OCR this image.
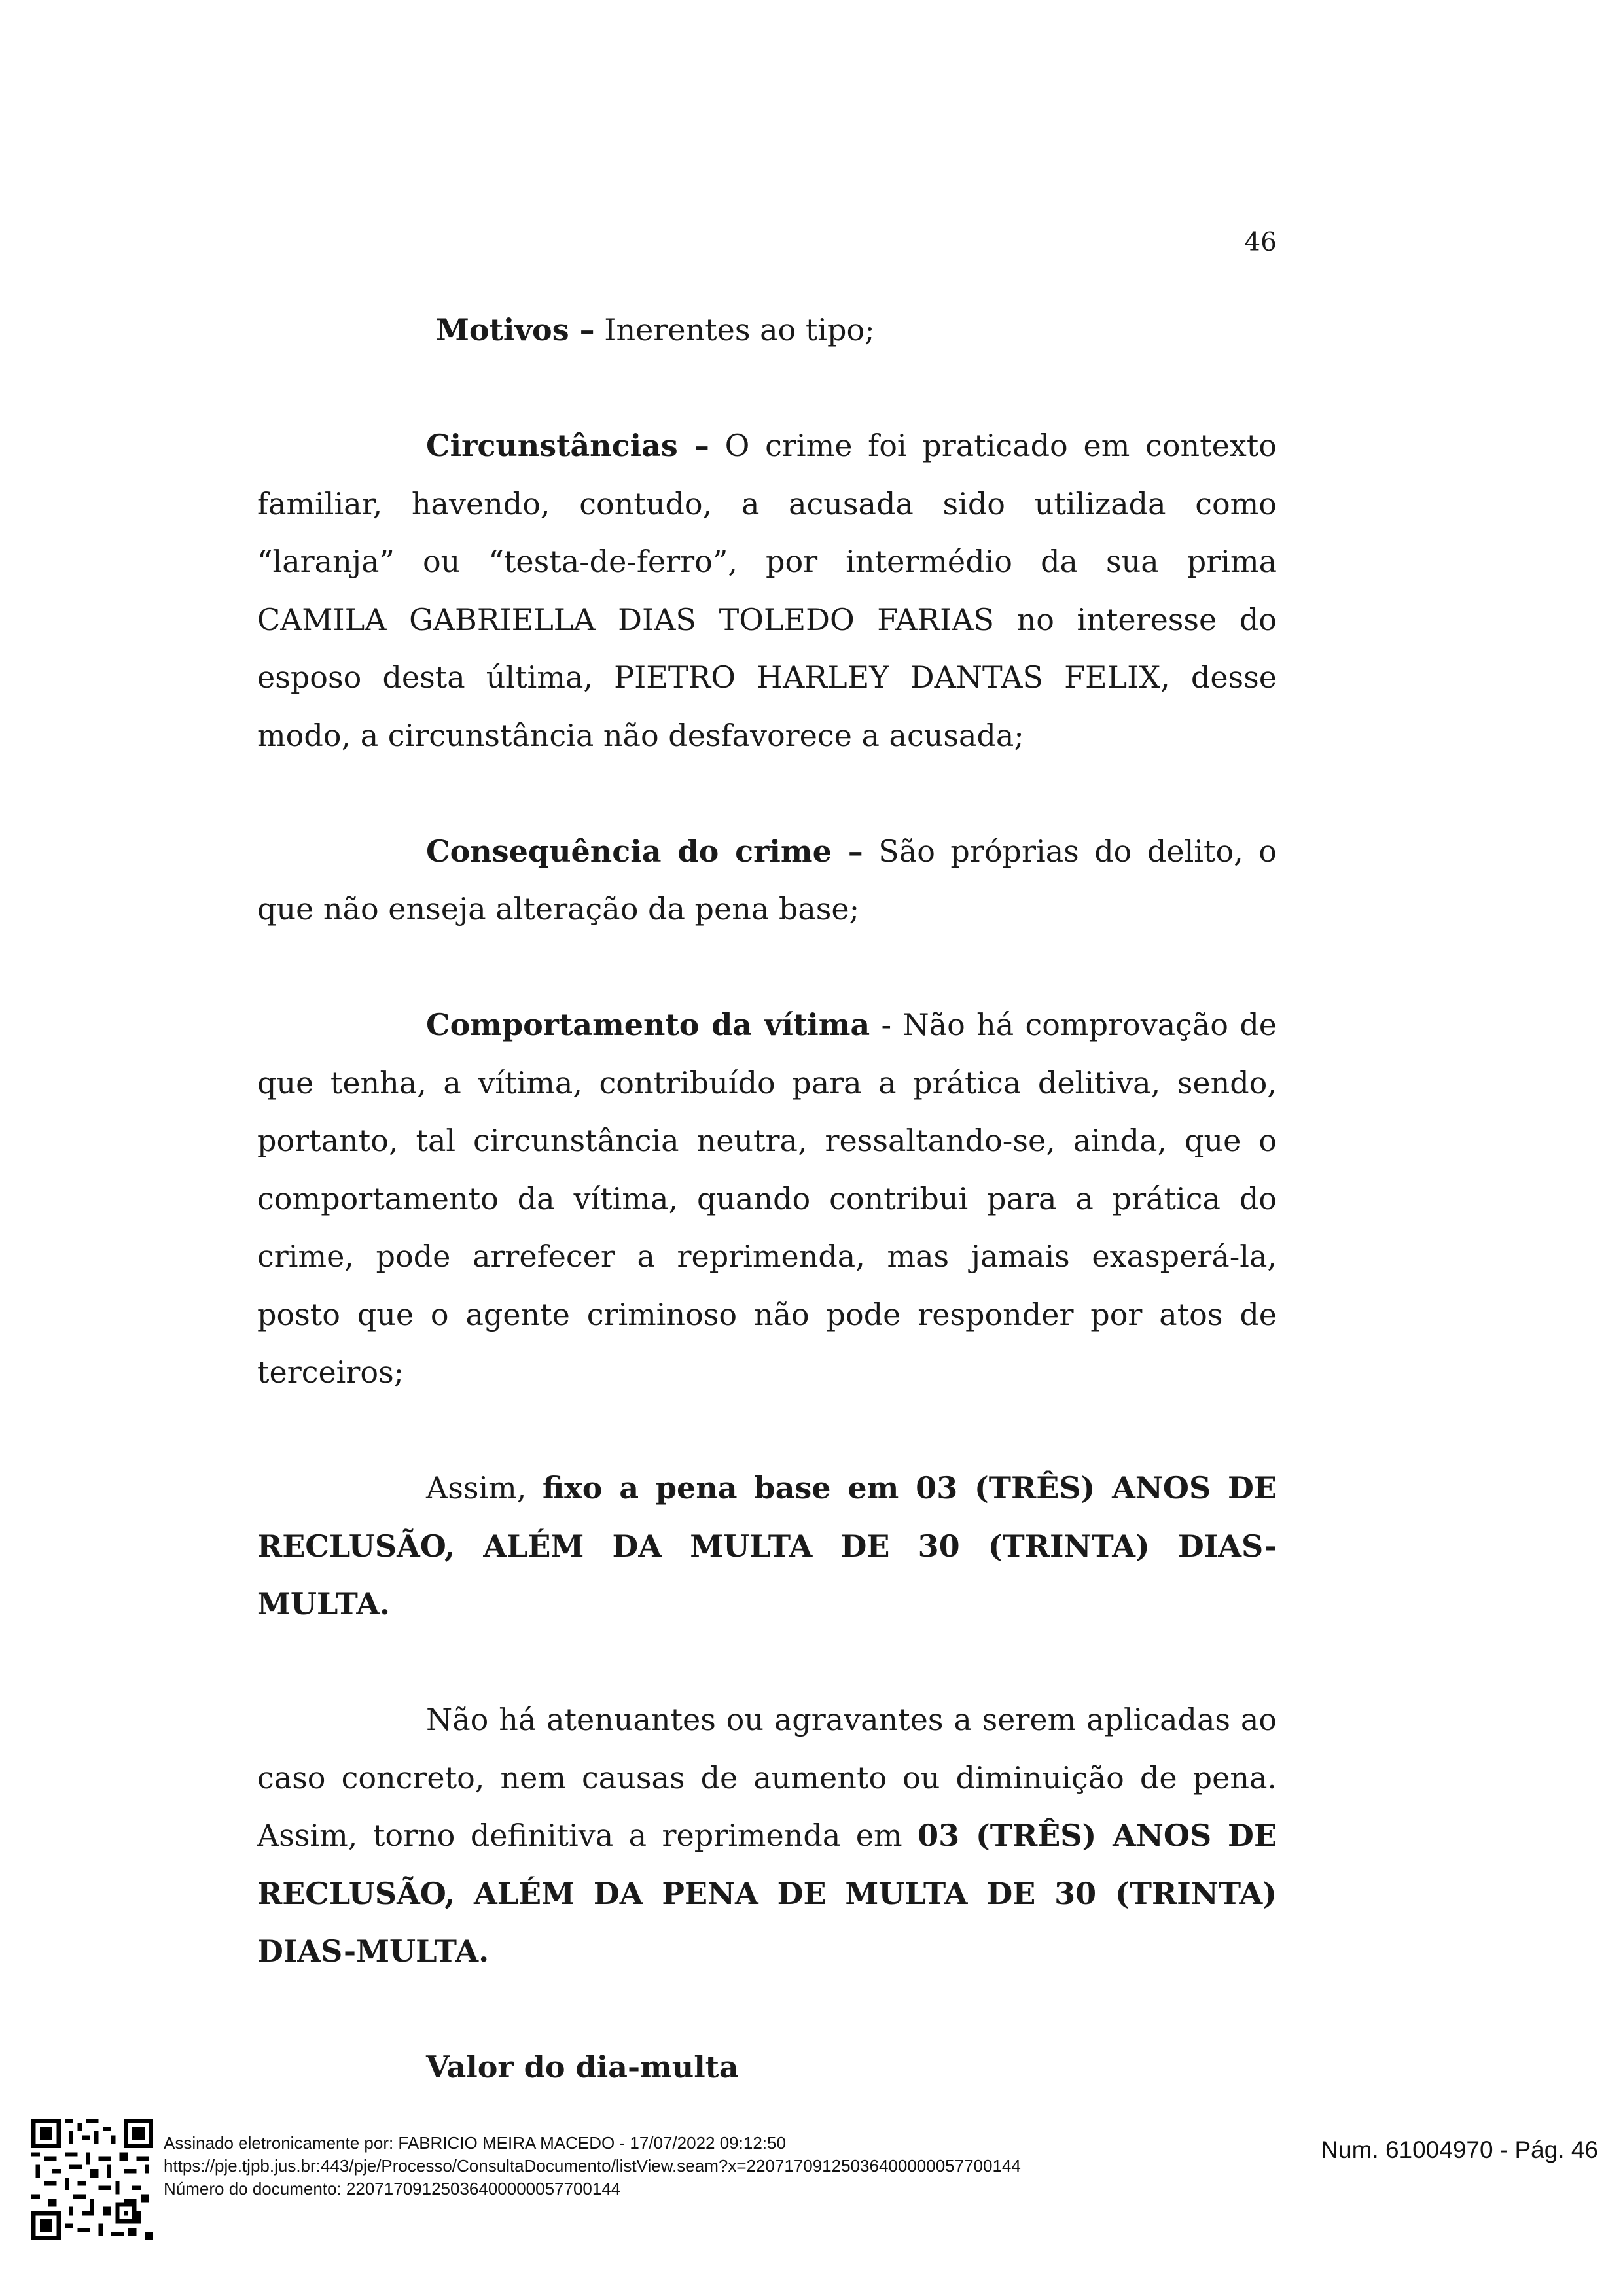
46

Motivos – Inerentes ao tipo;

Circunstâncias – O crime foi praticado em contexto familiar, havendo, contudo, a acusada sido utilizada como “laranja” ou “testa-de-ferro”, por intermédio da sua prima CAMILA GABRIELLA DIAS TOLEDO FARIAS no interesse do esposo desta última, PIETRO HARLEY DANTAS FELIX, desse modo, a circunstância não desfavorece a acusada;

Consequência do crime – São próprias do delito, o que não enseja alteração da pena base;

Comportamento da vítima - Não há comprovação de que tenha, a vítima, contribuído para a prática delitiva, sendo, portanto, tal circunstância neutra, ressaltando-se, ainda, que o comportamento da vítima, quando contribui para a prática do crime, pode arrefecer a reprimenda, mas jamais exasperá-la, posto que o agente criminoso não pode responder por atos de terceiros;

Assim, fixo a pena base em 03 (TRÊS) ANOS DE RECLUSÃO, ALÉM DA MULTA DE 30 (TRINTA) DIAS-MULTA.

Não há atenuantes ou agravantes a serem aplicadas ao caso concreto, nem causas de aumento ou diminuição de pena. Assim, torno definitiva a reprimenda em 03 (TRÊS) ANOS DE RECLUSÃO, ALÉM DA PENA DE MULTA DE 30 (TRINTA) DIAS-MULTA.

Valor do dia-multa

Assinado eletronicamente por: FABRICIO MEIRA MACEDO - 17/07/2022 09:12:50
https://pje.tjpb.jus.br:443/pje/Processo/ConsultaDocumento/listView.seam?x=22071709125036400000057700144
Número do documento: 22071709125036400000057700144
Num. 61004970 - Pág. 46
